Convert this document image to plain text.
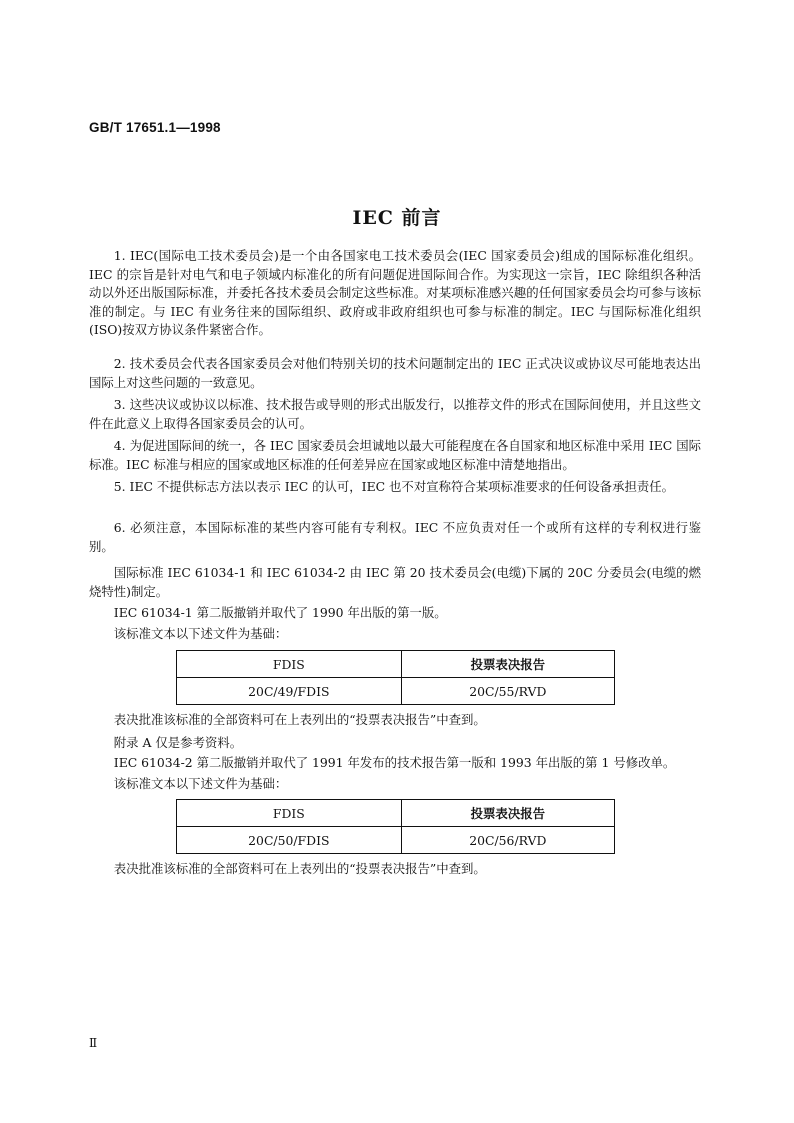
GB/T 17651.1—1998
IEC 前言

1. IEC(国际电工技术委员会)是一个由各国家电工技术委员会(IEC 国家委员会)组成的国际标准化组织。IEC 的宗旨是针对电气和电子领域内标准化的所有问题促进国际间合作。为实现这一宗旨，IEC 除组织各种活动以外还出版国际标准，并委托各技术委员会制定这些标准。对某项标准感兴趣的任何国家委员会均可参与该标准的制定。与 IEC 有业务往来的国际组织、政府或非政府组织也可参与标准的制定。IEC 与国际标准化组织(ISO)按双方协议条件紧密合作。

2. 技术委员会代表各国家委员会对他们特别关切的技术问题制定出的 IEC 正式决议或协议尽可能地表达出国际上对这些问题的一致意见。

3. 这些决议或协议以标准、技术报告或导则的形式出版发行，以推荐文件的形式在国际间使用，并且这些文件在此意义上取得各国家委员会的认可。

4. 为促进国际间的统一，各 IEC 国家委员会坦诚地以最大可能程度在各自国家和地区标准中采用 IEC 国际标准。IEC 标准与相应的国家或地区标准的任何差异应在国家或地区标准中清楚地指出。

5. IEC 不提供标志方法以表示 IEC 的认可，IEC 也不对宣称符合某项标准要求的任何设备承担责任。

6. 必须注意，本国际标准的某些内容可能有专利权。IEC 不应负责对任一个或所有这样的专利权进行鉴别。

国际标准 IEC 61034-1 和 IEC 61034-2 由 IEC 第 20 技术委员会(电缆)下属的 20C 分委员会(电缆的燃烧特性)制定。

IEC 61034-1 第二版撤销并取代了 1990 年出版的第一版。

该标准文本以下述文件为基础：

FDIS	投票表决报告
20C/49/FDIS	20C/55/RVD

表决批准该标准的全部资料可在上表列出的“投票表决报告”中查到。

附录 A 仅是参考资料。

IEC 61034-2 第二版撤销并取代了 1991 年发布的技术报告第一版和 1993 年出版的第 1 号修改单。

该标准文本以下述文件为基础：

FDIS	投票表决报告
20C/50/FDIS	20C/56/RVD

表决批准该标准的全部资料可在上表列出的“投票表决报告”中查到。

Ⅱ
